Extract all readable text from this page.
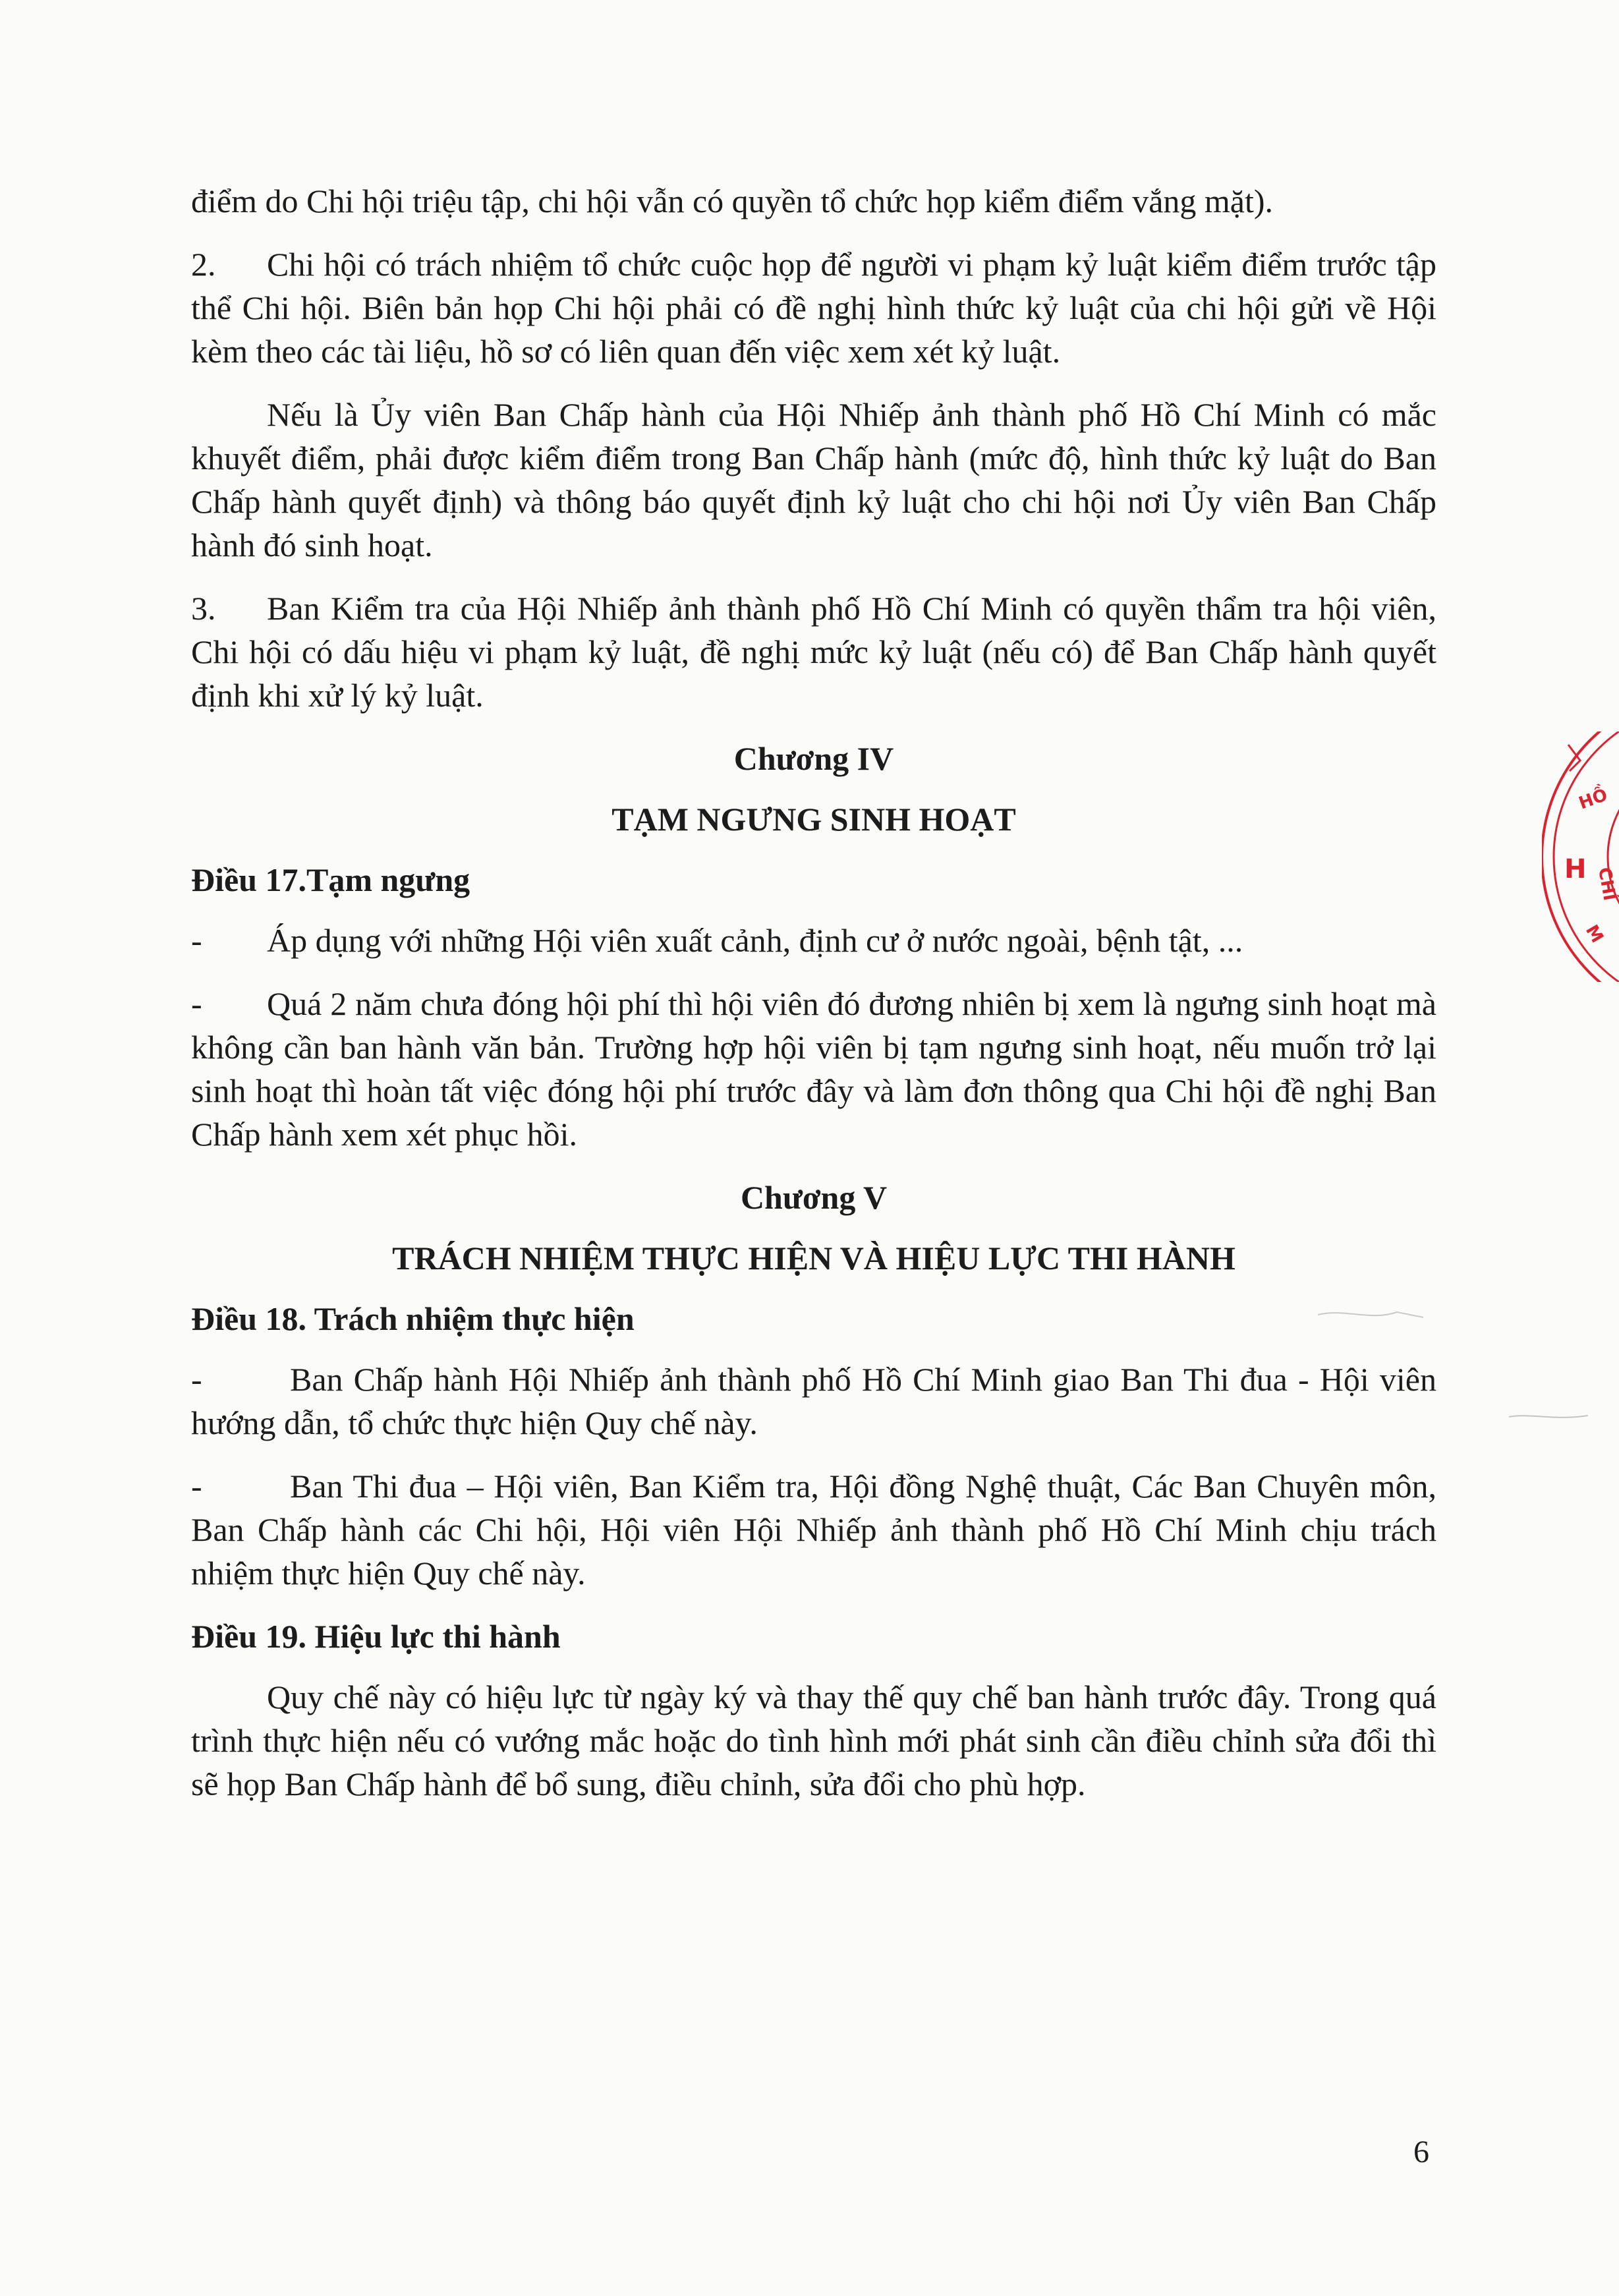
điểm do Chi hội triệu tập, chi hội vẫn có quyền tổ chức họp kiểm điểm vắng mặt).

2. Chi hội có trách nhiệm tổ chức cuộc họp để người vi phạm kỷ luật kiểm điểm trước tập thể Chi hội. Biên bản họp Chi hội phải có đề nghị hình thức kỷ luật của chi hội gửi về Hội kèm theo các tài liệu, hồ sơ có liên quan đến việc xem xét kỷ luật.

Nếu là Ủy viên Ban Chấp hành của Hội Nhiếp ảnh thành phố Hồ Chí Minh có mắc khuyết điểm, phải được kiểm điểm trong Ban Chấp hành (mức độ, hình thức kỷ luật do Ban Chấp hành quyết định) và thông báo quyết định kỷ luật cho chi hội nơi Ủy viên Ban Chấp hành đó sinh hoạt.

3. Ban Kiểm tra của Hội Nhiếp ảnh thành phố Hồ Chí Minh có quyền thẩm tra hội viên, Chi hội có dấu hiệu vi phạm kỷ luật, đề nghị mức kỷ luật (nếu có) để Ban Chấp hành quyết định khi xử lý kỷ luật.

Chương IV
TẠM NGƯNG SINH HOẠT
Điều 17.Tạm ngưng

- Áp dụng với những Hội viên xuất cảnh, định cư ở nước ngoài, bệnh tật, ...

- Quá 2 năm chưa đóng hội phí thì hội viên đó đương nhiên bị xem là ngưng sinh hoạt mà không cần ban hành văn bản. Trường hợp hội viên bị tạm ngưng sinh hoạt, nếu muốn trở lại sinh hoạt thì hoàn tất việc đóng hội phí trước đây và làm đơn thông qua Chi hội đề nghị Ban Chấp hành xem xét phục hồi.

Chương V
TRÁCH NHIỆM THỰC HIỆN VÀ HIỆU LỰC THI HÀNH
Điều 18. Trách nhiệm thực hiện

-	Ban Chấp hành Hội Nhiếp ảnh thành phố Hồ Chí Minh giao Ban Thi đua - Hội viên hướng dẫn, tổ chức thực hiện Quy chế này.

-	Ban Thi đua – Hội viên, Ban Kiểm tra, Hội đồng Nghệ thuật, Các Ban Chuyên môn, Ban Chấp hành các Chi hội, Hội viên Hội Nhiếp ảnh thành phố Hồ Chí Minh chịu trách nhiệm thực hiện Quy chế này.

Điều 19. Hiệu lực thi hành

Quy chế này có hiệu lực từ ngày ký và thay thế quy chế ban hành trước đây. Trong quá trình thực hiện nếu có vướng mắc hoặc do tình hình mới phát sinh cần điều chỉnh sửa đổi thì sẽ họp Ban Chấp hành để bổ sung, điều chỉnh, sửa đổi cho phù hợp.

6
HỒ
CHÍ
M
H
